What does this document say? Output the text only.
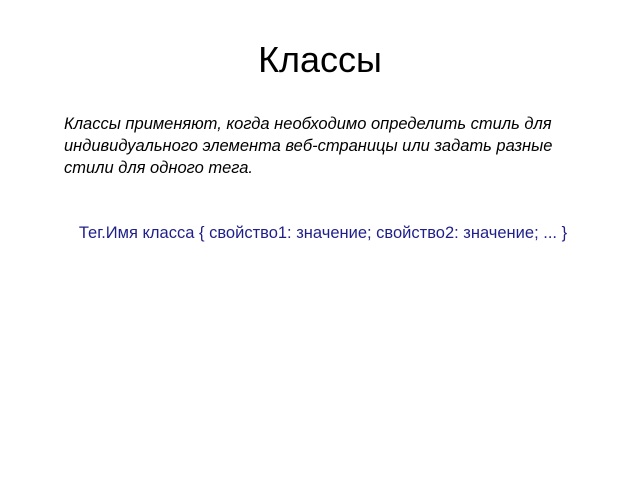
Классы

Классы применяют, когда необходимо определить стиль для индивидуального элемента веб-страницы или задать разные стили для одного тега.

Тег.Имя класса { свойство1: значение; свойство2: значение; ... }
